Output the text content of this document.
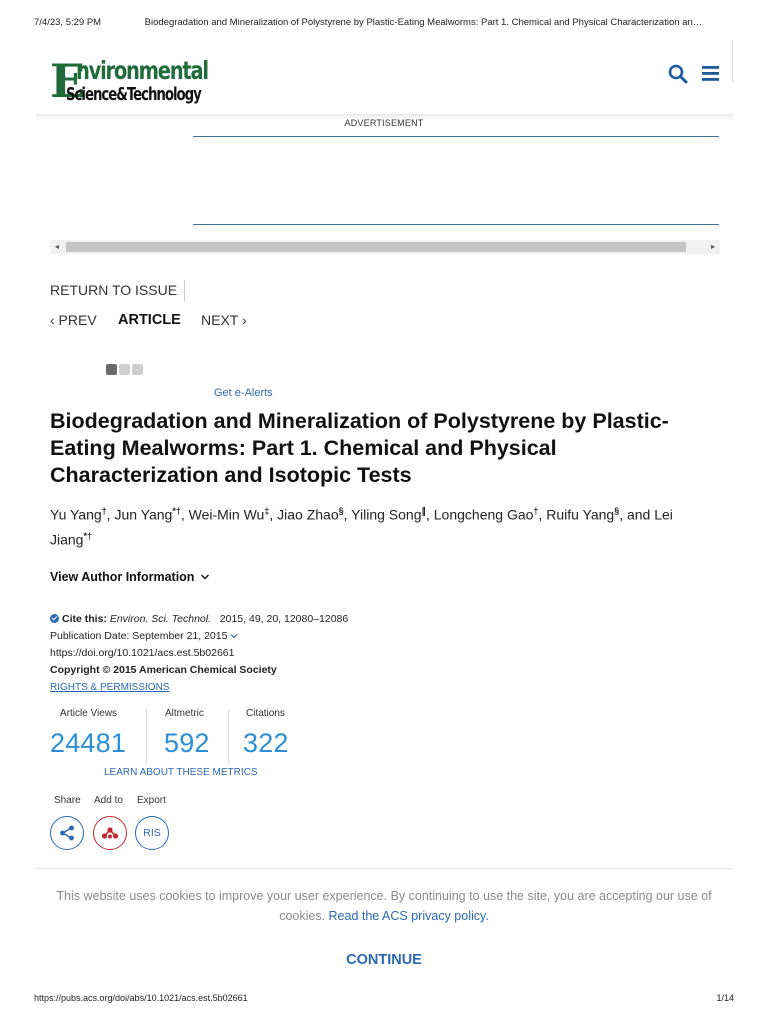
7/4/23, 5:29 PM	Biodegradation and Mineralization of Polystyrene by Plastic-Eating Mealworms: Part 1. Chemical and Physical Characterization an…
E
nvironmental
Science&Technology
ADVERTISEMENT
◂	▸
RETURN TO ISSUE
‹ PREV ARTICLE NEXT ›
Get e-Alerts
Biodegradation and Mineralization of Polystyrene by Plastic-Eating Mealworms: Part 1. Chemical and Physical Characterization and Isotopic Tests
Yu Yang†, Jun Yang*†, Wei-Min Wu‡, Jiao Zhao§, Yiling Song∥, Longcheng Gao†, Ruifu Yang§, and Lei Jiang*†
View Author Information
Cite this: Environ. Sci. Technol. 2015, 49, 20, 12080–12086
Publication Date: September 21, 2015
https://doi.org/10.1021/acs.est.5b02661
Copyright © 2015 American Chemical Society
RIGHTS & PERMISSIONS
Article Views
24481
Altmetric
592
Citations
322
LEARN ABOUT THESE METRICS
Share Add to Export
RIS
This website uses cookies to improve your user experience. By continuing to use the site, you are accepting our use of cookies. Read the ACS privacy policy.
CONTINUE
https://pubs.acs.org/doi/abs/10.1021/acs.est.5b02661	1/14
